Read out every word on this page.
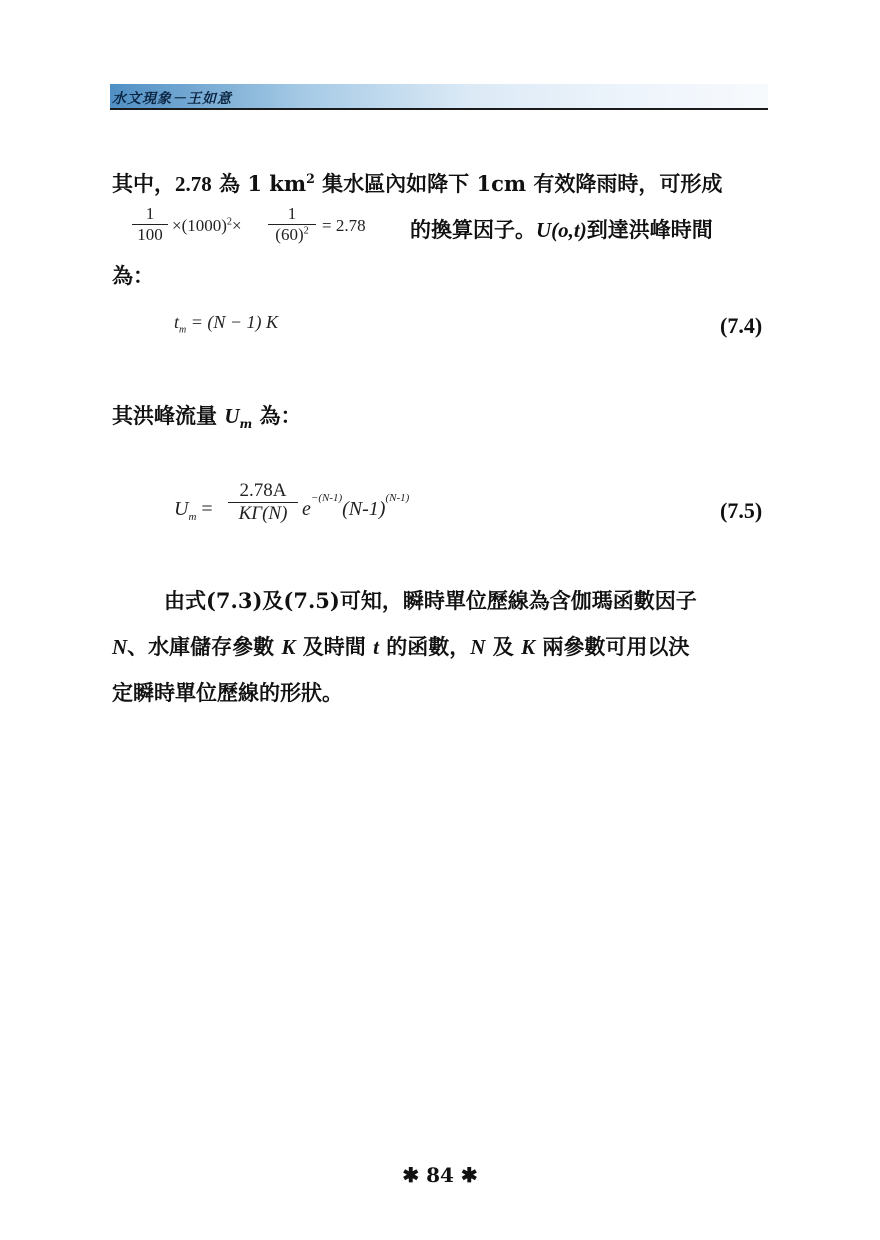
水文現象－王如意
其中，2.78 為 1 $km^2$ 集水區內如降下 1cm 有效降雨時，可形成
1
$100 \times(1000)^2\times$
1
$(60)^2 = 2.78$ 的換算因子。U(o,t)到達洪峰時間
為：
$t_m = (N - 1)$ K	(7.4)
其洪峰流量 $U_m$ 為：
$U_m$ =
2.78A
KΓ(N) $e^{-(N-1)}(N-1)^{(N-1)}$	(7.5)
由式(7.3)及(7.5)可知，瞬時單位歷線為含伽瑪函數因子
N、水庫儲存參數 K 及時間 t 的函數，N 及 K 兩參數可用以決
定瞬時單位歷線的形狀。
✱ 84 ✱
